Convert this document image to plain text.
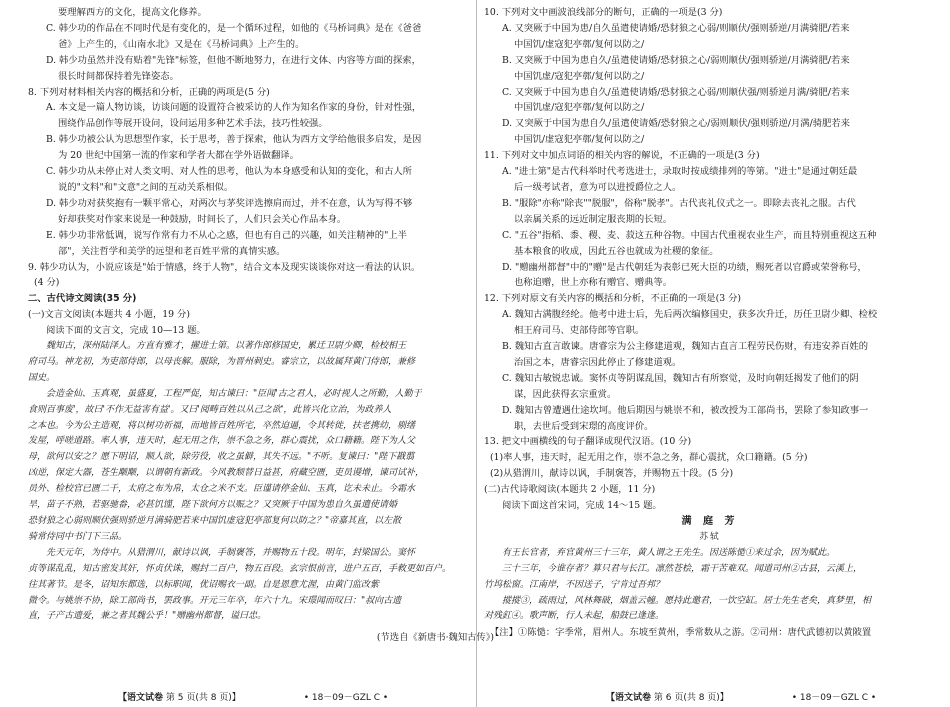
要理解西方的文化，提高文化修养。

C. 韩少功的作品在不同时代是有变化的，是一个循环过程，如他的《马桥词典》是在《爸爸

爸》上产生的，《山南水北》又是在《马桥词典》上产生的。

D. 韩少功虽然并没有贴着"先锋"标签，但他不断地努力，在进行文体、内容等方面的探索，

很长时间都保持着先锋姿态。

8. 下列对材料相关内容的概括和分析，正确的两项是(5 分)

A. 本文是一篇人物访谈，访谈问题的设置符合被采访的人作为知名作家的身份，针对性强，

围绕作品创作等展开设问，设问运用多种艺术手法，技巧性较强。

B. 韩少功被公认为思想型作家，长于思考，善于探索，他认为西方文学给他很多启发，是因

为 20 世纪中国第一流的作家和学者大都在学外语做翻译。

C. 韩少功从未停止对人类文明、对人性的思考，他认为本身感受和认知的变化，和古人所

说的"文料"和"文意"之间的互动关系相似。

D. 韩少功对获奖抱有一颗平常心，对两次与茅奖评选擦肩而过，并不在意，认为写得不够

好却获奖对作家来说是一种鼓励，时间长了，人们只会关心作品本身。

E. 韩少功非常低调，说写作常有力不从心之感，但也有自己的兴趣，如关注精神的"上半

部"，关注哲学和美学的远望和老百姓平常的真情实感。

9. 韩少功认为，小说应该是"始于情感，终于人物"，结合文本及现实谈谈你对这一看法的认识。

(4 分)

二、古代诗文阅读(35 分)

(一)文言文阅读(本题共 4 小题，19 分)

阅读下面的文言文，完成 10—13 题。

魏知古，深州陆泽人。方直有雅才，擢进士第。以著作郎修国史，累迁卫尉少卿，检校相王

府司马。神龙初，为吏部侍郎，以母丧解。服除，为晋州刺史。睿宗立，以故属拜黄门侍郎，兼修

国史。

会造金仙、玉真观，虽盛夏，工程严促，知古谏曰："臣闻'古之君人，必时视人之所勤，人勤于

食则百事废'，故曰'不作无益害有益'。又曰'阅畴百姓以从己之欲'，此皆兴化立治，为政养人

之本也。今为公主造观，将以树功祈福，而地皆百姓所宅，卒然迫逼，令其转徙，扶老携幼，剔缮

发屋，呼嗟道路。率人事，违天时，起无用之作，崇不急之务，群心震扰，众口籍籍。陛下为人父

母，欲何以安之？愿下明诏，顺人欲，除劳役，收之虽僻，其失不远。"不听。复谏曰："陛下戡翦

凶逆，保定大器，苍生颙颙，以谓朝有新政。今风教颓替日益甚，府藏空匮，吏员谩增，谏司试补，

员外、检校官已匮二千，太府之布为帛，太仓之米不支。臣谨请停金仙、玉真，讫未未止。今霜水

旱，苗子不熟，若驱驰畚，必甚饥馑，陛下欲何方以赈之？又突厥于中国为患自久虽遣使请婚

恐豺狼之心弱则顺伏强则骄逆月满骑肥若来中国饥虚寇犯亭部复何以防之？"帝嘉其直，以左散

骑常侍同中书门下三品。

先天元年，为侍中。从猎渭川，献诗以讽，手制褒答，并赐物五十段。明年，封梁国公。窦怀

贞等谋乱乱，知古密发其奸，怀贞伏诛，赐封二百户，物五百段。玄宗恨前言，进户五百，手敕更如百户。

往其著节。是冬，诏知东都选，以标职闻，优诏赐衣一副。自是恩意尤渥，由黄门监改紫

微令。与姚崇不协，除工部尚书，罢政事。开元三年卒，年六十九。宋璟闻而叹曰："叔向古遗

直，子产古遗爱，兼之者其魏公乎！"赠幽州都督，谥曰忠。

(节选自《新唐书·魏知古传》)

10. 下列对文中画波浪线部分的断句，正确的一项是(3 分)

A. 又突厥于中国为患/自久虽遣使请婚/恐豺狼之心弱/则顺伏/强则骄逆/月满骑肥/若来

中国饥/虚寇犯亭鄣/复何以防之/

B. 又突厥于中国为患自久/虽遣使请婚/恐豺狼之心/弱则顺伏/强则骄逆/月满骑肥/若来

中国饥虚/寇犯亭鄣/复何以防之/

C. 又突厥于中国为患自久/虽遣使请婚/恐豺狼之心弱/则顺伏强/则骄逆月满/骑肥/若来

中国饥虚/寇犯亭鄣/复何以防之/

D. 又突厥于中国为患自久/虽遣使请婚/恐豺狼之心/弱则顺伏/强则骄逆/月满/骑肥若来

中国饥/虚寇犯亭鄣/复何以防之/

11. 下列对文中加点词语的相关内容的解说，不正确的一项是(3 分)

A. "进士第"是古代科举时代考选进士，录取时按成绩排列的等第。"进士"是通过朝廷最

后一级考试者，意为可以进授爵位之人。

B. "服除"亦称"除丧""脱服"，俗称"脱孝"。古代丧礼仪式之一。即除去丧礼之服。古代

以亲属关系的远近制定服丧期的长短。

C. "五谷"指稻、黍、稷、麦、菽这五种谷物。中国古代重视农业生产，而且特别重视这五种

基本粮食的收成，因此五谷也就成为社稷的象征。

D. "赠幽州都督"中的"赠"是古代朝廷为表彰已死大臣的功绩，赐死者以官爵或荣誉称号，

也称追赠，世上亦称有赠官、赠典等。

12. 下列对原文有关内容的概括和分析，不正确的一项是(3 分)

A. 魏知古满腹经纶。他考中进士后，先后两次编修国史，获多次升迁，历任卫尉少卿、检校

相王府司马、吏部侍郎等官职。

B. 魏知古直言敢谏。唐睿宗为公主修建道观，魏知古直言工程劳民伤财，有违安养百姓的

治国之本，唐睿宗因此停止了修建道观。

C. 魏知古敏锐忠诚。窦怀贞等阴谋乱国，魏知古有所察觉，及时向朝廷揭发了他们的阴

谋，因此获得玄宗重赏。

D. 魏知古曾遭遇仕途坎坷。他后期因与姚崇不和，被改授为工部尚书，罢除了参知政事一

职，去世后受到宋璟的高度评价。

13. 把文中画横线的句子翻译成现代汉语。(10 分)

(1)率人事，违天时，起无用之作，崇不急之务，群心震扰，众口籍籍。(5 分)

(2)从猎渭川，献诗以讽，手制褒答，并赐物五十段。(5 分)

(二)古代诗歌阅读(本题共 2 小题，11 分)

阅读下面这首宋词，完成 14～15 题。

满 庭 芳

苏轼

有王长官者，弃官黄州三十三年，黄人谓之王先生。因送陈慥①来过余，因为赋此。

三十三年，今谁存者？算只君与长江。凛然苍桧，霜干苦难双。闻道司州②古县，云溪上，

竹坞松窗。江南岸，不因送子，宁肯过吾邦？

摐摐③，疏雨过，风林舞破，烟盖云幢。愿持此邀君，一饮空缸。居士先生老矣，真梦里，相

对残釭④。歌声断，行人未起，船鼓已逢逢。

【注】①陈慥：字季常，眉州人。东坡至黄州，季常数从之游。②司州：唐代武德初以黄陂置

【语文试卷 第 5 页(共 8 页)】	• 18－09－GZL C •	【语文试卷 第 6 页(共 8 页)】	• 18－09－GZL C •
